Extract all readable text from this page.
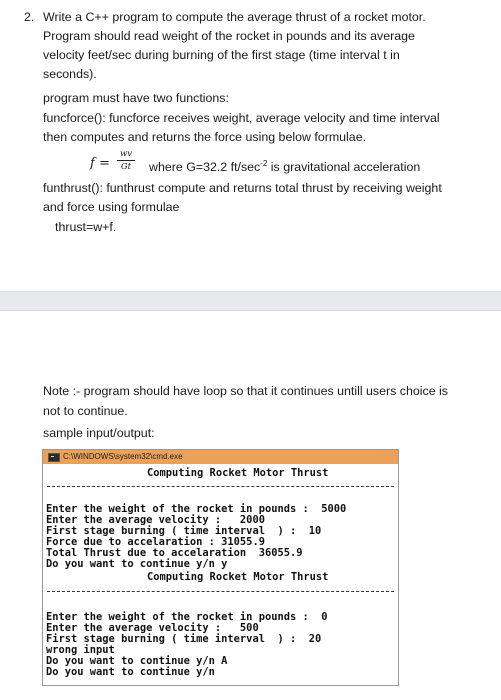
2. Write a C++ program to compute the average thrust of a rocket motor.
Program should read weight of the rocket in pounds and its average
velocity feet/sec during burning of the first stage (time interval t in
seconds).
program must have two functions:
funcforce(): funcforce receives weight, average velocity and time interval
then computes and returns the force using below formulae.
f =
wv
Gt	where G=32.2 $ft/\sec^{-2}$ is gravitational acceleration
funthrust(): funthrust compute and returns total thrust by receiving weight
and force using formulae
thrust=w+f.
Note :- program should have loop so that it continues untill users choice is
not to continue.
sample input/output:
C:\WINDOWS\system32\cmd.exe
Computing Rocket Motor Thrust
Enter the weight of the rocket in pounds :  5000
Enter the average velocity :   2000
First stage burning ( time interval  ) :  10
Force due to accelaration : 31055.9
Total Thrust due to accelaration  36055.9
Do you want to continue y/n y
Computing Rocket Motor Thrust
Enter the weight of the rocket in pounds :  0
Enter the average velocity :   500
First stage burning ( time interval  ) :  20
wrong input
Do you want to continue y/n A
Do you want to continue y/n
